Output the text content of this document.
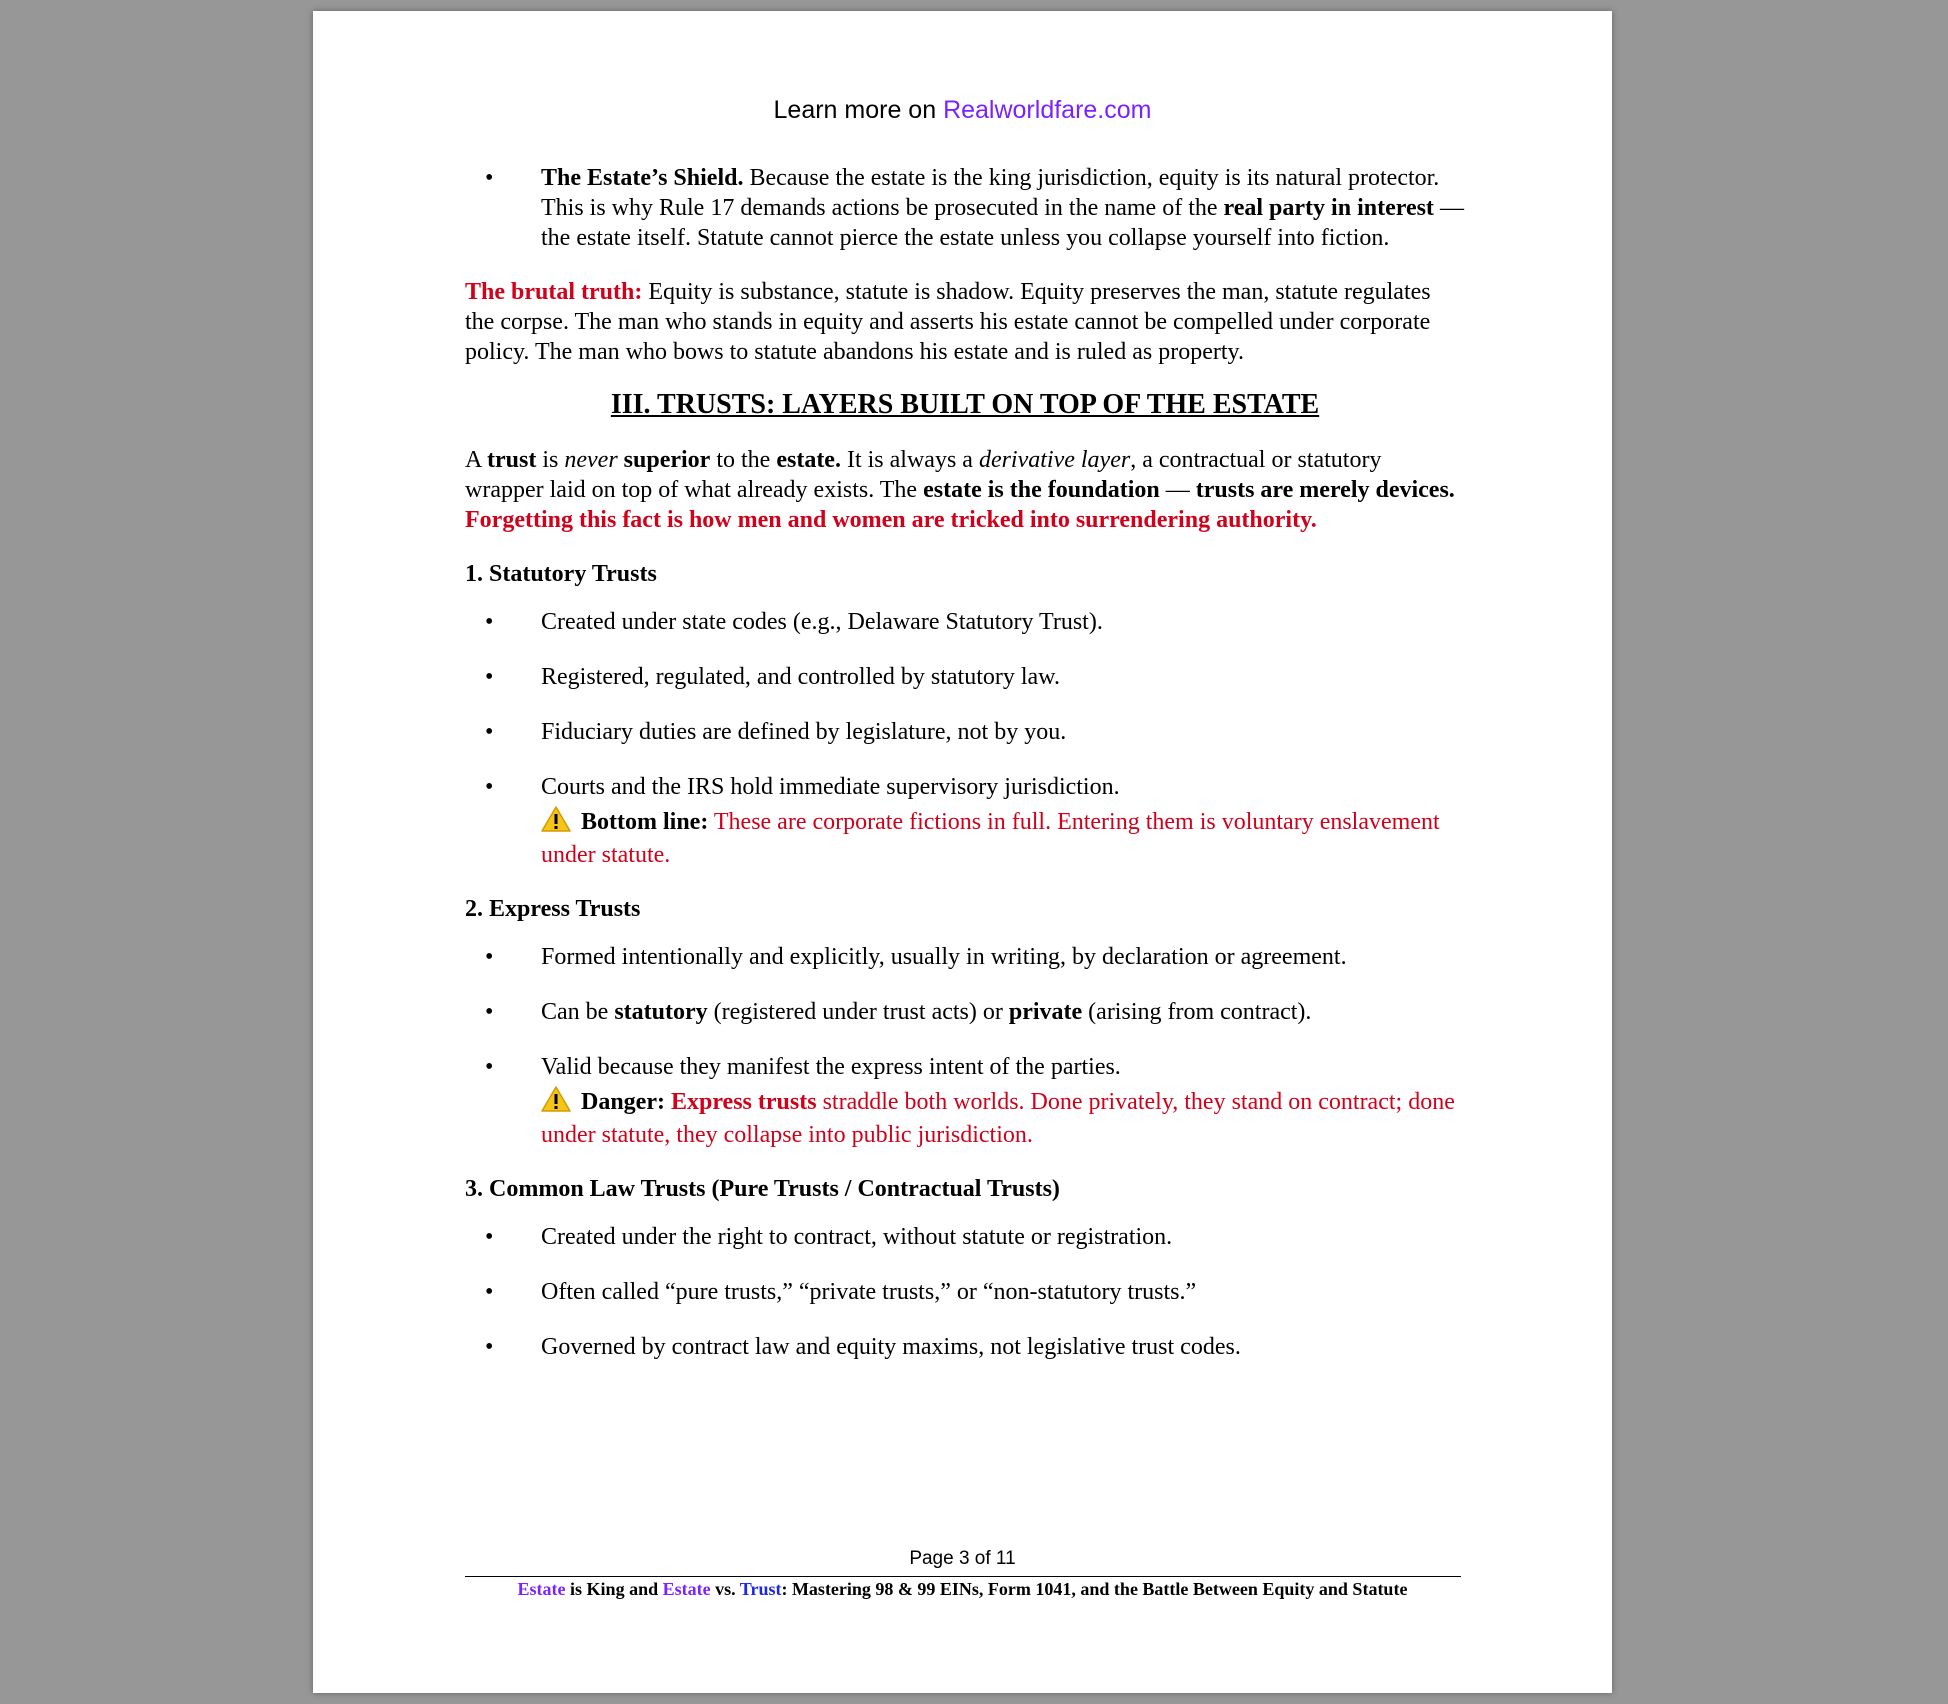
Learn more on Realworldfare.com
• The Estate’s Shield. Because the estate is the king jurisdiction, equity is its natural protector. This is why Rule 17 demands actions be prosecuted in the name of the real party in interest — the estate itself. Statute cannot pierce the estate unless you collapse yourself into fiction.

The brutal truth: Equity is substance, statute is shadow. Equity preserves the man, statute regulates the corpse. The man who stands in equity and asserts his estate cannot be compelled under corporate policy. The man who bows to statute abandons his estate and is ruled as property.

III. TRUSTS: LAYERS BUILT ON TOP OF THE ESTATE

A trust is never superior to the estate. It is always a derivative layer, a contractual or statutory wrapper laid on top of what already exists. The estate is the foundation — trusts are merely devices. Forgetting this fact is how men and women are tricked into surrendering authority.

1. Statutory Trusts
• Created under state codes (e.g., Delaware Statutory Trust).
• Registered, regulated, and controlled by statutory law.
• Fiduciary duties are defined by legislature, not by you.
• Courts and the IRS hold immediate supervisory jurisdiction.
Bottom line: These are corporate fictions in full. Entering them is voluntary enslavement under statute.
2. Express Trusts
• Formed intentionally and explicitly, usually in writing, by declaration or agreement.
• Can be statutory (registered under trust acts) or private (arising from contract).
• Valid because they manifest the express intent of the parties.
Danger: Express trusts straddle both worlds. Done privately, they stand on contract; done under statute, they collapse into public jurisdiction.
3. Common Law Trusts (Pure Trusts / Contractual Trusts)
• Created under the right to contract, without statute or registration.
• Often called “pure trusts,” “private trusts,” or “non-statutory trusts.”
• Governed by contract law and equity maxims, not legislative trust codes.
Page 3 of 11
Estate is King and Estate vs. Trust: Mastering 98 & 99 EINs, Form 1041, and the Battle Between Equity and Statute
